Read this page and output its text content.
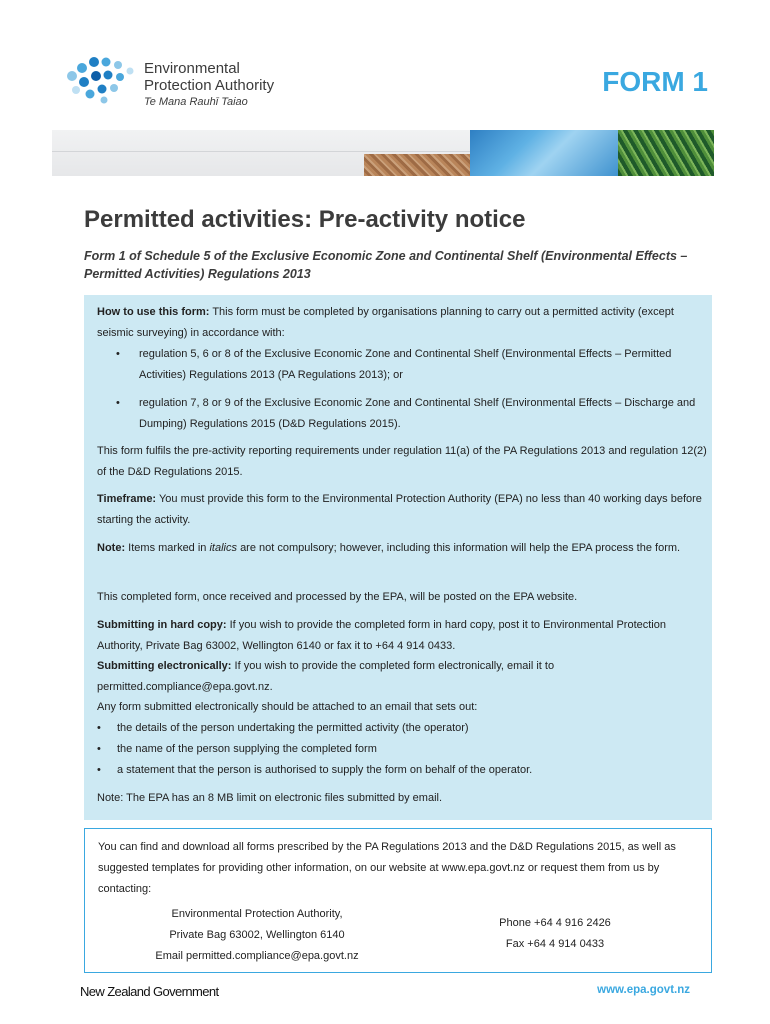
Environmental
Protection Authority
Te Mana Rauhī Taiao
FORM 1
Permitted activities: Pre-activity notice
Form 1 of Schedule 5 of the Exclusive Economic Zone and Continental Shelf (Environmental Effects – Permitted Activities) Regulations 2013
How to use this form: This form must be completed by organisations planning to carry out a permitted activity (except seismic surveying) in accordance with:
• regulation 5, 6 or 8 of the Exclusive Economic Zone and Continental Shelf (Environmental Effects – Permitted Activities) Regulations 2013 (PA Regulations 2013); or
• regulation 7, 8 or 9 of the Exclusive Economic Zone and Continental Shelf (Environmental Effects – Discharge and Dumping) Regulations 2015 (D&D Regulations 2015).
This form fulfils the pre-activity reporting requirements under regulation 11(a) of the PA Regulations 2013 and regulation 12(2) of the D&D Regulations 2015.
Timeframe: You must provide this form to the Environmental Protection Authority (EPA) no less than 40 working days before starting the activity.
Note: Items marked in italics are not compulsory; however, including this information will help the EPA process the form.
This completed form, once received and processed by the EPA, will be posted on the EPA website.
Submitting in hard copy: If you wish to provide the completed form in hard copy, post it to Environmental Protection Authority, Private Bag 63002, Wellington 6140 or fax it to +64 4 914 0433.
Submitting electronically: If you wish to provide the completed form electronically, email it to permitted.compliance@epa.govt.nz.
Any form submitted electronically should be attached to an email that sets out:
• the details of the person undertaking the permitted activity (the operator)
• the name of the person supplying the completed form
• a statement that the person is authorised to supply the form on behalf of the operator.
Note: The EPA has an 8 MB limit on electronic files submitted by email.
You can find and download all forms prescribed by the PA Regulations 2013 and the D&D Regulations 2015, as well as suggested templates for providing other information, on our website at www.epa.govt.nz or request them from us by contacting:
Environmental Protection Authority,
Private Bag 63002, Wellington 6140
Email permitted.compliance@epa.govt.nz
Phone +64 4 916 2426
Fax +64 4 914 0433
New Zealand Government	www.epa.govt.nz
